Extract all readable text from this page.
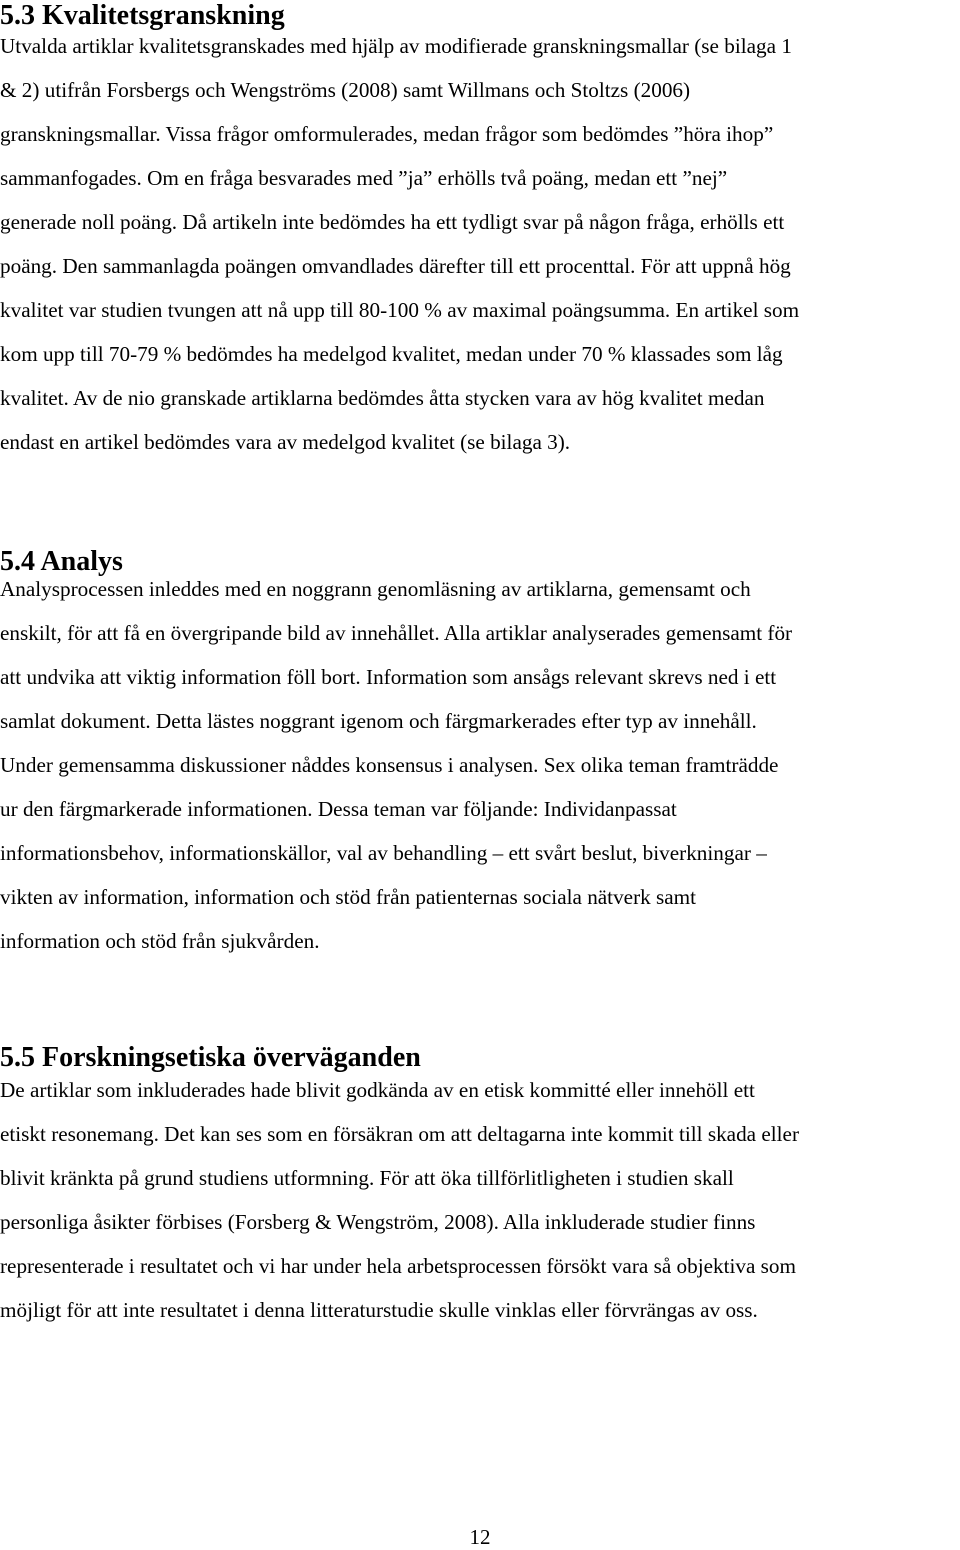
5.3 Kvalitetsgranskning
Utvalda artiklar kvalitetsgranskades med hjälp av modifierade granskningsmallar (se bilaga 1
& 2) utifrån Forsbergs och Wengströms (2008) samt Willmans och Stoltzs (2006)
granskningsmallar. Vissa frågor omformulerades, medan frågor som bedömdes ”höra ihop”
sammanfogades. Om en fråga besvarades med ”ja” erhölls två poäng, medan ett ”nej”
generade noll poäng. Då artikeln inte bedömdes ha ett tydligt svar på någon fråga, erhölls ett
poäng. Den sammanlagda poängen omvandlades därefter till ett procenttal. För att uppnå hög
kvalitet var studien tvungen att nå upp till 80-100 % av maximal poängsumma. En artikel som
kom upp till 70-79 % bedömdes ha medelgod kvalitet, medan under 70 % klassades som låg
kvalitet. Av de nio granskade artiklarna bedömdes åtta stycken vara av hög kvalitet medan
endast en artikel bedömdes vara av medelgod kvalitet (se bilaga 3).
5.4 Analys
Analysprocessen inleddes med en noggrann genomläsning av artiklarna, gemensamt och
enskilt, för att få en övergripande bild av innehållet. Alla artiklar analyserades gemensamt för
att undvika att viktig information föll bort. Information som ansågs relevant skrevs ned i ett
samlat dokument. Detta lästes noggrant igenom och färgmarkerades efter typ av innehåll.
Under gemensamma diskussioner nåddes konsensus i analysen. Sex olika teman framträdde
ur den färgmarkerade informationen. Dessa teman var följande: Individanpassat
informationsbehov, informationskällor, val av behandling – ett svårt beslut, biverkningar –
vikten av information, information och stöd från patienternas sociala nätverk samt
information och stöd från sjukvården.
5.5 Forskningsetiska överväganden
De artiklar som inkluderades hade blivit godkända av en etisk kommitté eller innehöll ett
etiskt resonemang. Det kan ses som en försäkran om att deltagarna inte kommit till skada eller
blivit kränkta på grund studiens utformning. För att öka tillförlitligheten i studien skall
personliga åsikter förbises (Forsberg & Wengström, 2008). Alla inkluderade studier finns
representerade i resultatet och vi har under hela arbetsprocessen försökt vara så objektiva som
möjligt för att inte resultatet i denna litteraturstudie skulle vinklas eller förvrängas av oss.
12
